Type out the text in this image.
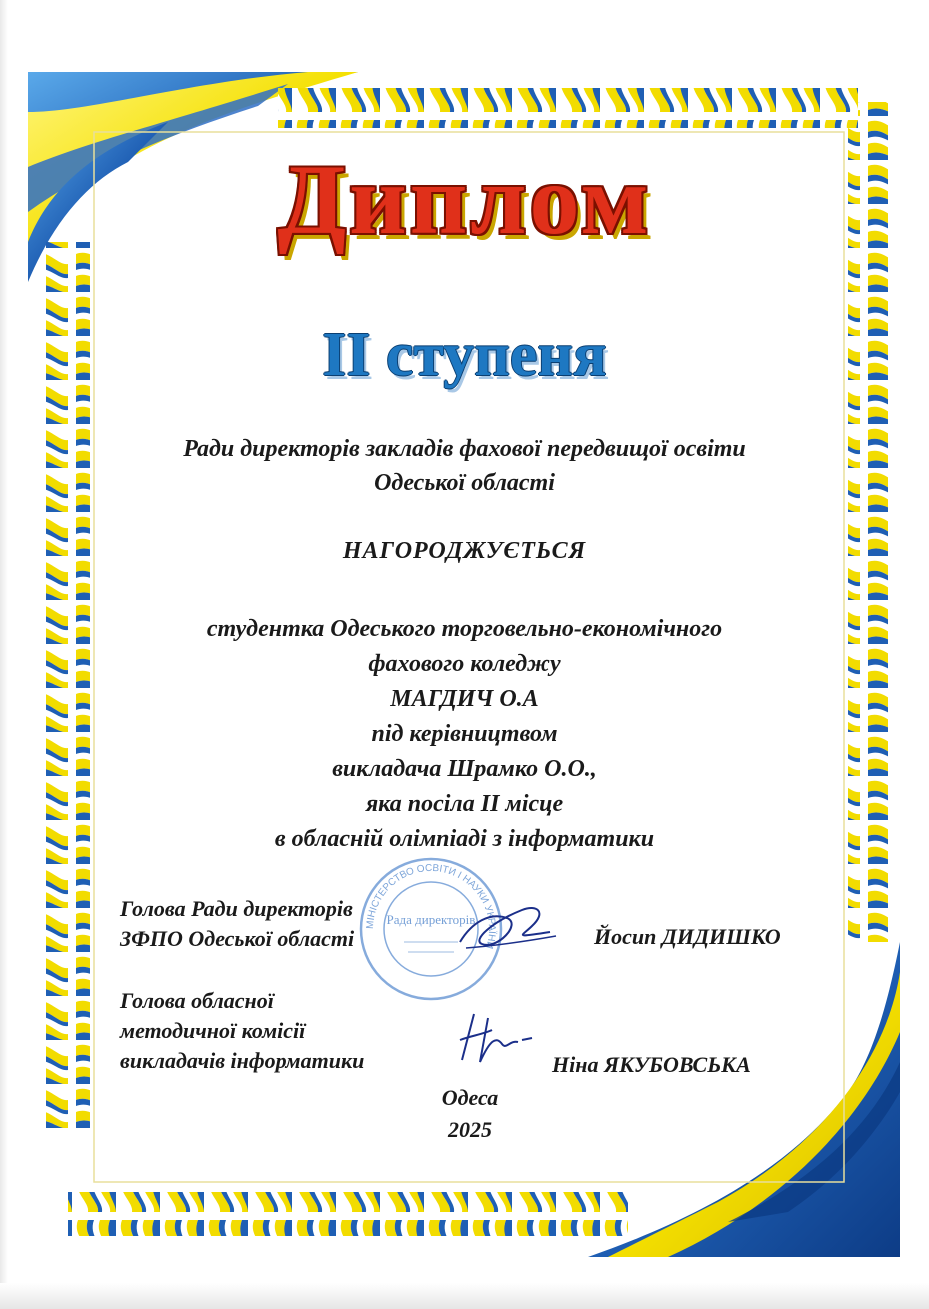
Диплом
II ступеня
Ради директорів закладів фахової передвищої освіти
Одеської області
НАГОРОДЖУЄТЬСЯ
студентка Одеського торговельно-економічного
фахового коледжу
МАГДИЧ О.А
під керівництвом
викладача Шрамко О.О.,
яка посіла ІІ місце
в обласній олімпіаді з інформатики
МІНІСТЕРСТВО ОСВІТИ І НАУКИ УКРАЇНИ
Рада директорів
Голова Ради директорів
ЗФПО Одеської області	Йосип ДИДИШКО
Голова обласної
методичної комісії
викладачів інформатики	Ніна ЯКУБОВСЬКА
Одеса
2025
